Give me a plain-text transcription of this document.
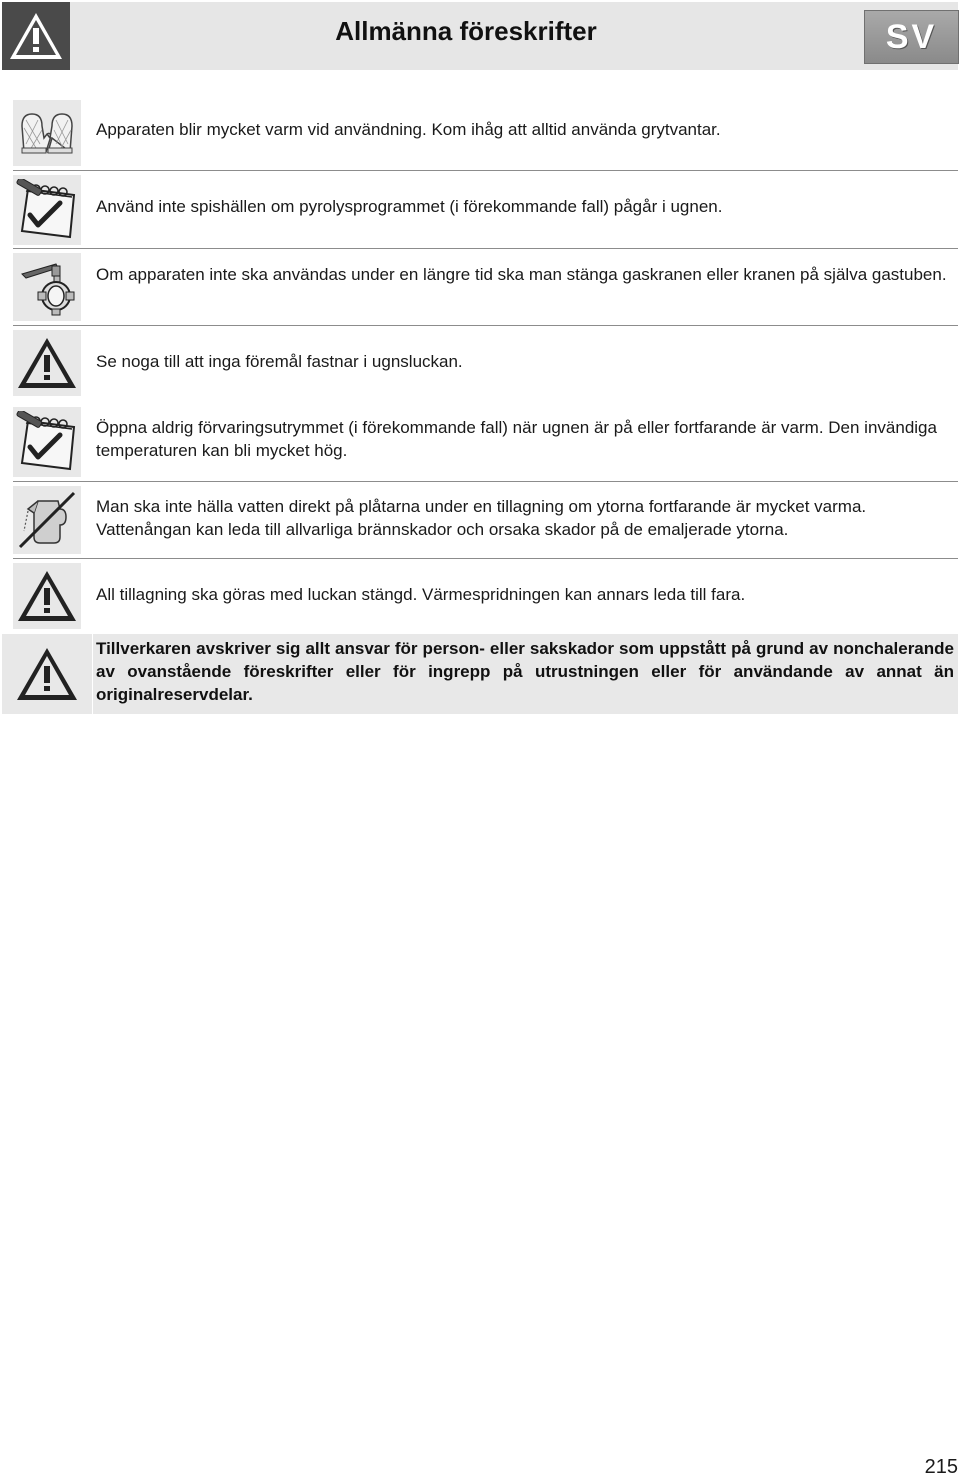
Allmänna föreskrifter	SV
Apparaten blir mycket varm vid användning. Kom ihåg att alltid använda grytvantar.
Använd inte spishällen om pyrolysprogrammet (i förekommande fall) pågår i ugnen.
Om apparaten inte ska användas under en längre tid ska man stänga gaskranen eller kranen på själva gastuben.
Se noga till att inga föremål fastnar i ugnsluckan.
Öppna aldrig förvaringsutrymmet (i förekommande fall) när ugnen är på eller fortfarande är varm. Den invändiga temperaturen kan bli mycket hög.
Man ska inte hälla vatten direkt på plåtarna under en tillagning om ytorna fortfarande är mycket varma. Vattenångan kan leda till allvarliga brännskador och orsaka skador på de emaljerade ytorna.
All tillagning ska göras med luckan stängd. Värmespridningen kan annars leda till fara.
Tillverkaren avskriver sig allt ansvar för person- eller sakskador som uppstått på grund av nonchalerande av ovanstående föreskrifter eller för ingrepp på utrustningen eller för användande av annat än originalreservdelar.
215
